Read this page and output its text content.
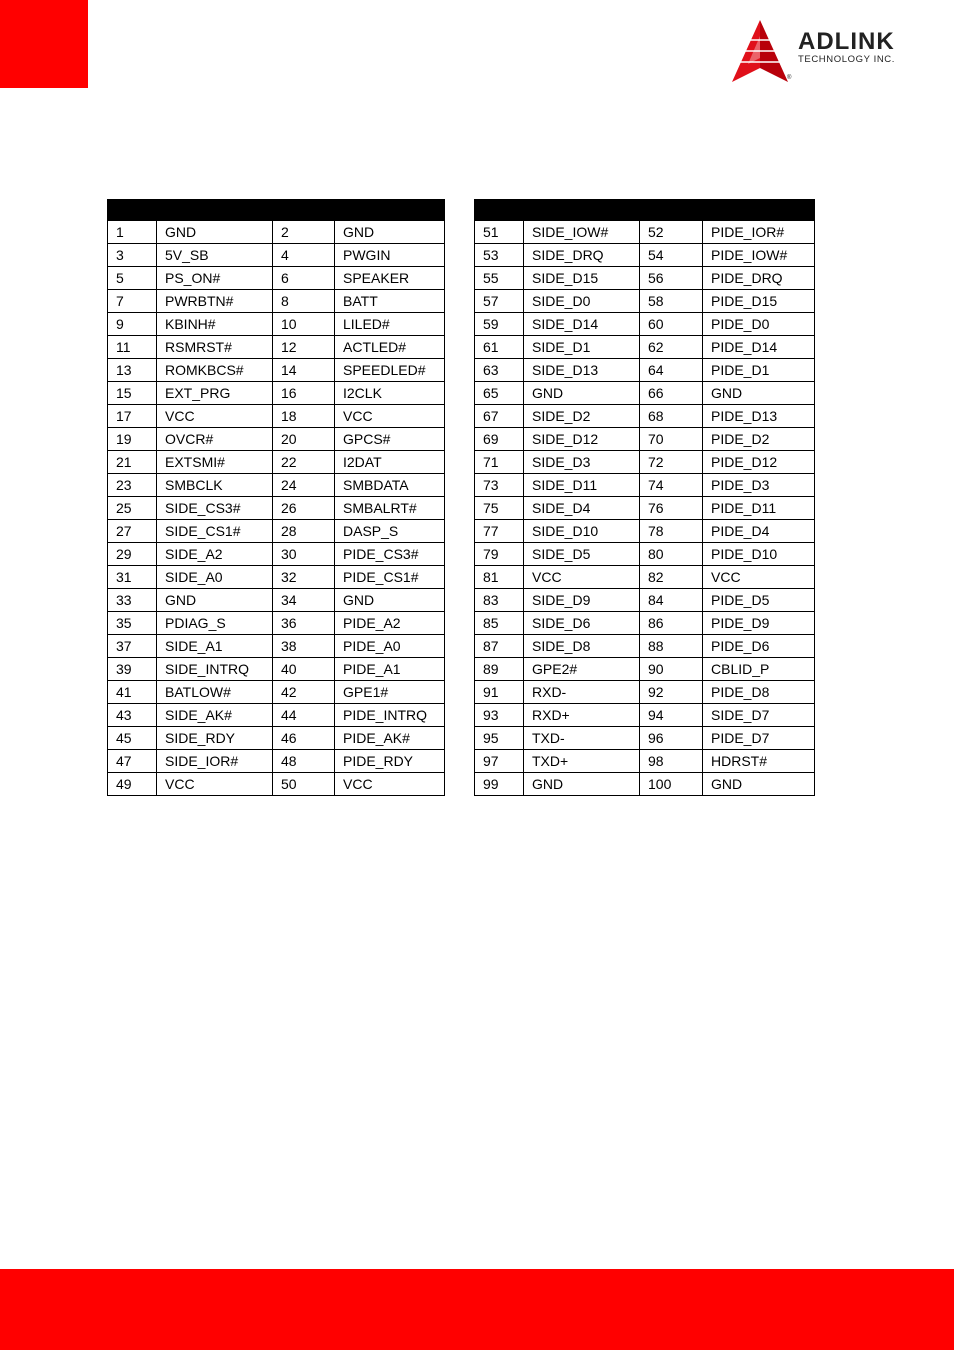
ADLINK
TECHNOLOGY INC.
®

1	GND	2	GND
3	5V_SB	4	PWGIN
5	PS_ON#	6	SPEAKER
7	PWRBTN#	8	BATT
9	KBINH#	10	LILED#
11	RSMRST#	12	ACTLED#
13	ROMKBCS#	14	SPEEDLED#
15	EXT_PRG	16	I2CLK
17	VCC	18	VCC
19	OVCR#	20	GPCS#
21	EXTSMI#	22	I2DAT
23	SMBCLK	24	SMBDATA
25	SIDE_CS3#	26	SMBALRT#
27	SIDE_CS1#	28	DASP_S
29	SIDE_A2	30	PIDE_CS3#
31	SIDE_A0	32	PIDE_CS1#
33	GND	34	GND
35	PDIAG_S	36	PIDE_A2
37	SIDE_A1	38	PIDE_A0
39	SIDE_INTRQ	40	PIDE_A1
41	BATLOW#	42	GPE1#
43	SIDE_AK#	44	PIDE_INTRQ
45	SIDE_RDY	46	PIDE_AK#
47	SIDE_IOR#	48	PIDE_RDY
49	VCC	50	VCC

51	SIDE_IOW#	52	PIDE_IOR#
53	SIDE_DRQ	54	PIDE_IOW#
55	SIDE_D15	56	PIDE_DRQ
57	SIDE_D0	58	PIDE_D15
59	SIDE_D14	60	PIDE_D0
61	SIDE_D1	62	PIDE_D14
63	SIDE_D13	64	PIDE_D1
65	GND	66	GND
67	SIDE_D2	68	PIDE_D13
69	SIDE_D12	70	PIDE_D2
71	SIDE_D3	72	PIDE_D12
73	SIDE_D11	74	PIDE_D3
75	SIDE_D4	76	PIDE_D11
77	SIDE_D10	78	PIDE_D4
79	SIDE_D5	80	PIDE_D10
81	VCC	82	VCC
83	SIDE_D9	84	PIDE_D5
85	SIDE_D6	86	PIDE_D9
87	SIDE_D8	88	PIDE_D6
89	GPE2#	90	CBLID_P
91	RXD-	92	PIDE_D8
93	RXD+	94	SIDE_D7
95	TXD-	96	PIDE_D7
97	TXD+	98	HDRST#
99	GND	100	GND
